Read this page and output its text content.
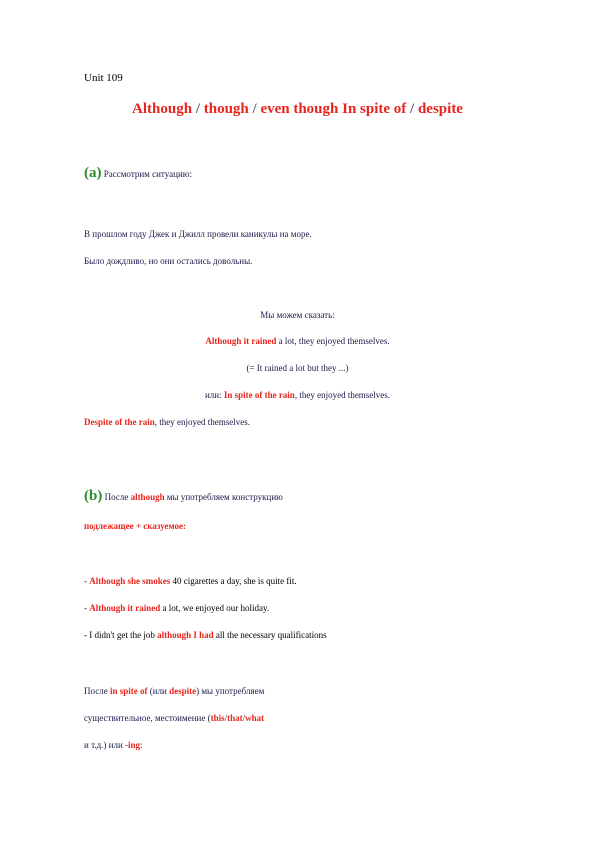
Unit 109
Although / though / even though In spite of / despite
(a) Рассмотрим ситуацию:
В прошлом году Джек и Джилл провели каникулы на море.
Было дождливо, но они остались довольны.
Мы можем сказать:
Although it rained a lot, they enjoyed themselves.
(= It rained a lot but they ...)
или: In spite of the rain, they enjoyed themselves.
Despite of the rain, they enjoyed themselves.
(b) После although мы употребляем конструкцию
подлежащее + сказуемое:
- Although she smokes 40 cigarettes a day, she is quite fit.
- Although it rained a lot, we enjoyed our holiday.
- I didn't get the job although I had all the necessary qualifications
После in spite of (или despite) мы употребляем
существительное, местоимение (this/that/what
и т.д.) или -ing:
